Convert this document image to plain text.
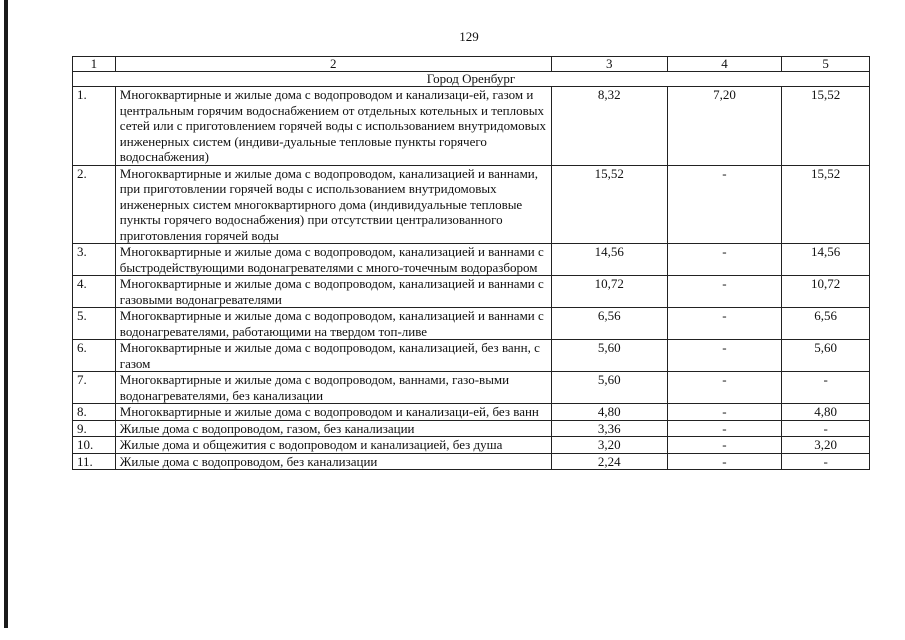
129
1	2	3	4	5
Город Оренбург				
1.	Многоквартирные и жилые дома с водопроводом и канализаци-ей, газом и центральным горячим водоснабжением от отдельных котельных и тепловых сетей или с приготовлением горячей воды с использованием внутридомовых инженерных систем (индиви-дуальные тепловые пункты горячего водоснабжения)	8,32	7,20	15,52
2.	Многоквартирные и жилые дома с водопроводом, канализацией и ваннами, при приготовлении горячей воды с использованием внутридомовых инженерных систем многоквартирного дома (индивидуальные тепловые пункты горячего водоснабжения) при отсутствии централизованного приготовления горячей воды	15,52	-	15,52
3.	Многоквартирные и жилые дома с водопроводом, канализацией и ваннами с быстродействующими водонагревателями с много-точечным водоразбором	14,56	-	14,56
4.	Многоквартирные и жилые дома с водопроводом, канализацией и ваннами с газовыми водонагревателями	10,72	-	10,72
5.	Многоквартирные и жилые дома с водопроводом, канализацией и ваннами с водонагревателями, работающими на твердом топ-ливе	6,56	-	6,56
6.	Многоквартирные и жилые дома с водопроводом, канализацией, без ванн, с газом	5,60	-	5,60
7.	Многоквартирные и жилые дома с водопроводом, ваннами, газо-выми водонагревателями, без канализации	5,60	-	-
8.	Многоквартирные и жилые дома с водопроводом и канализаци-ей, без ванн	4,80	-	4,80
9.	Жилые дома с водопроводом, газом, без канализации	3,36	-	-
10.	Жилые дома и общежития с водопроводом и канализацией, без душа	3,20	-	3,20
11.	Жилые дома с водопроводом, без канализации	2,24	-	-
